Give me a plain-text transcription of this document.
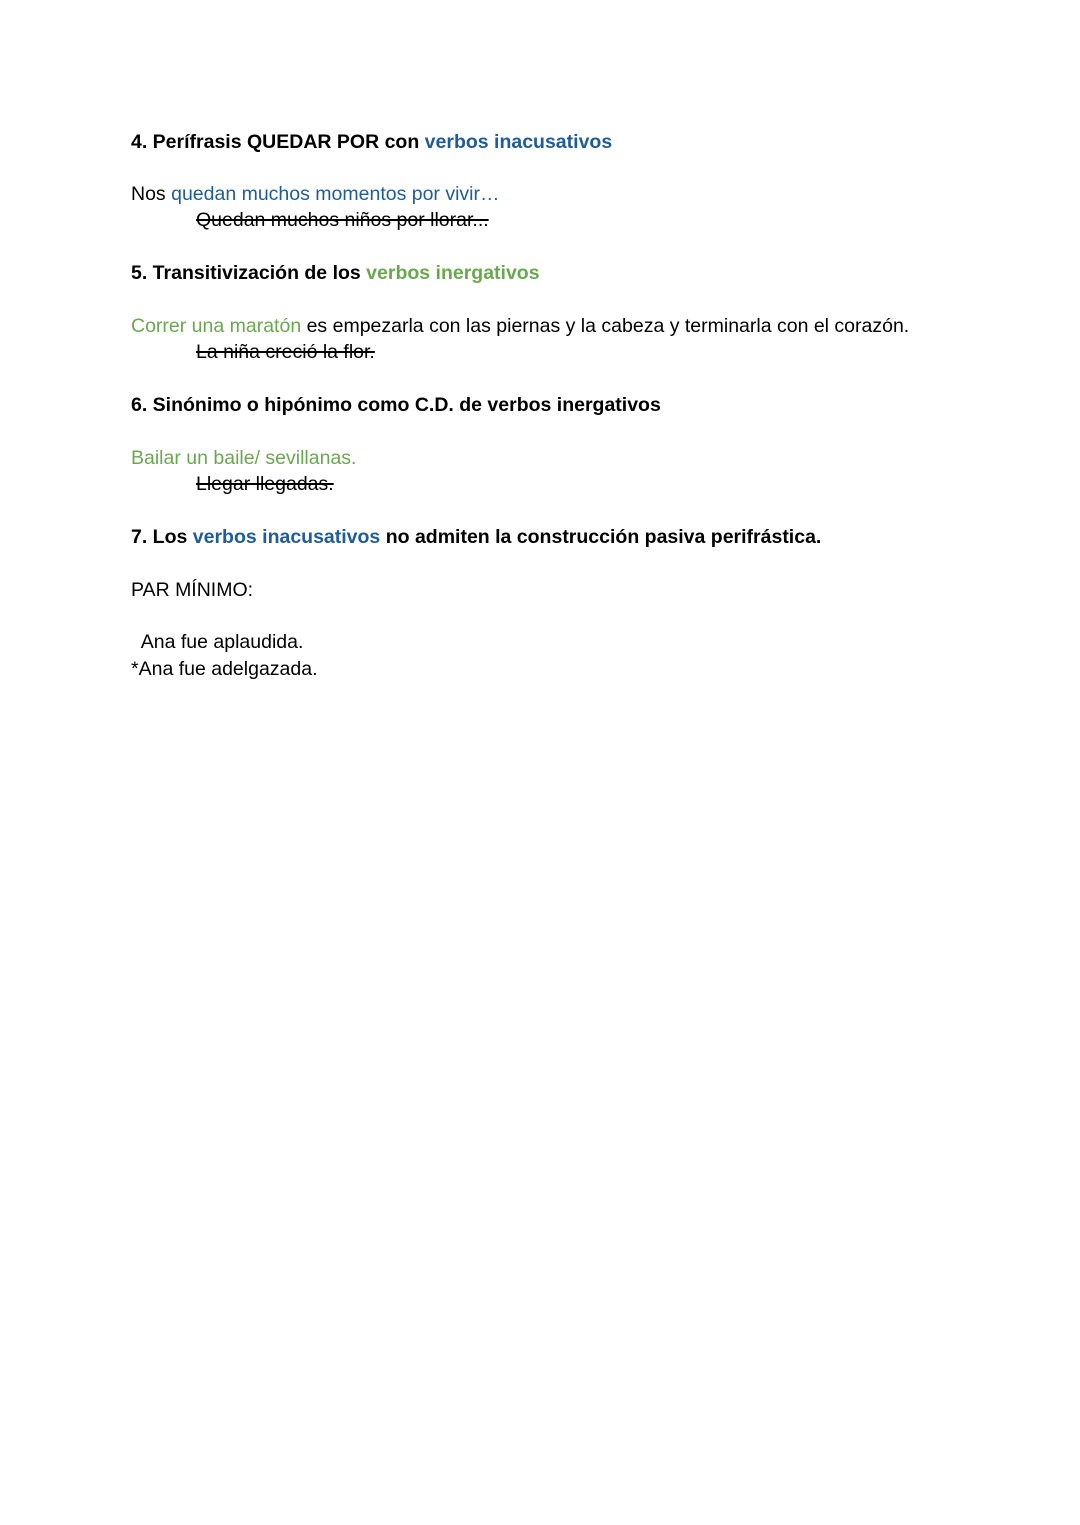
4. Perífrasis QUEDAR POR con verbos inacusativos
Nos quedan muchos momentos por vivir…
Quedan muchos niños por llorar...
5. Transitivización de los verbos inergativos
Correr una maratón es empezarla con las piernas y la cabeza y terminarla con el corazón.
La niña creció la flor.
6. Sinónimo o hipónimo como C.D. de verbos inergativos
Bailar un baile/ sevillanas.
Llegar llegadas.
7. Los verbos inacusativos no admiten la construcción pasiva perifrástica.
PAR MÍNIMO:
Ana fue aplaudida.
*Ana fue adelgazada.
